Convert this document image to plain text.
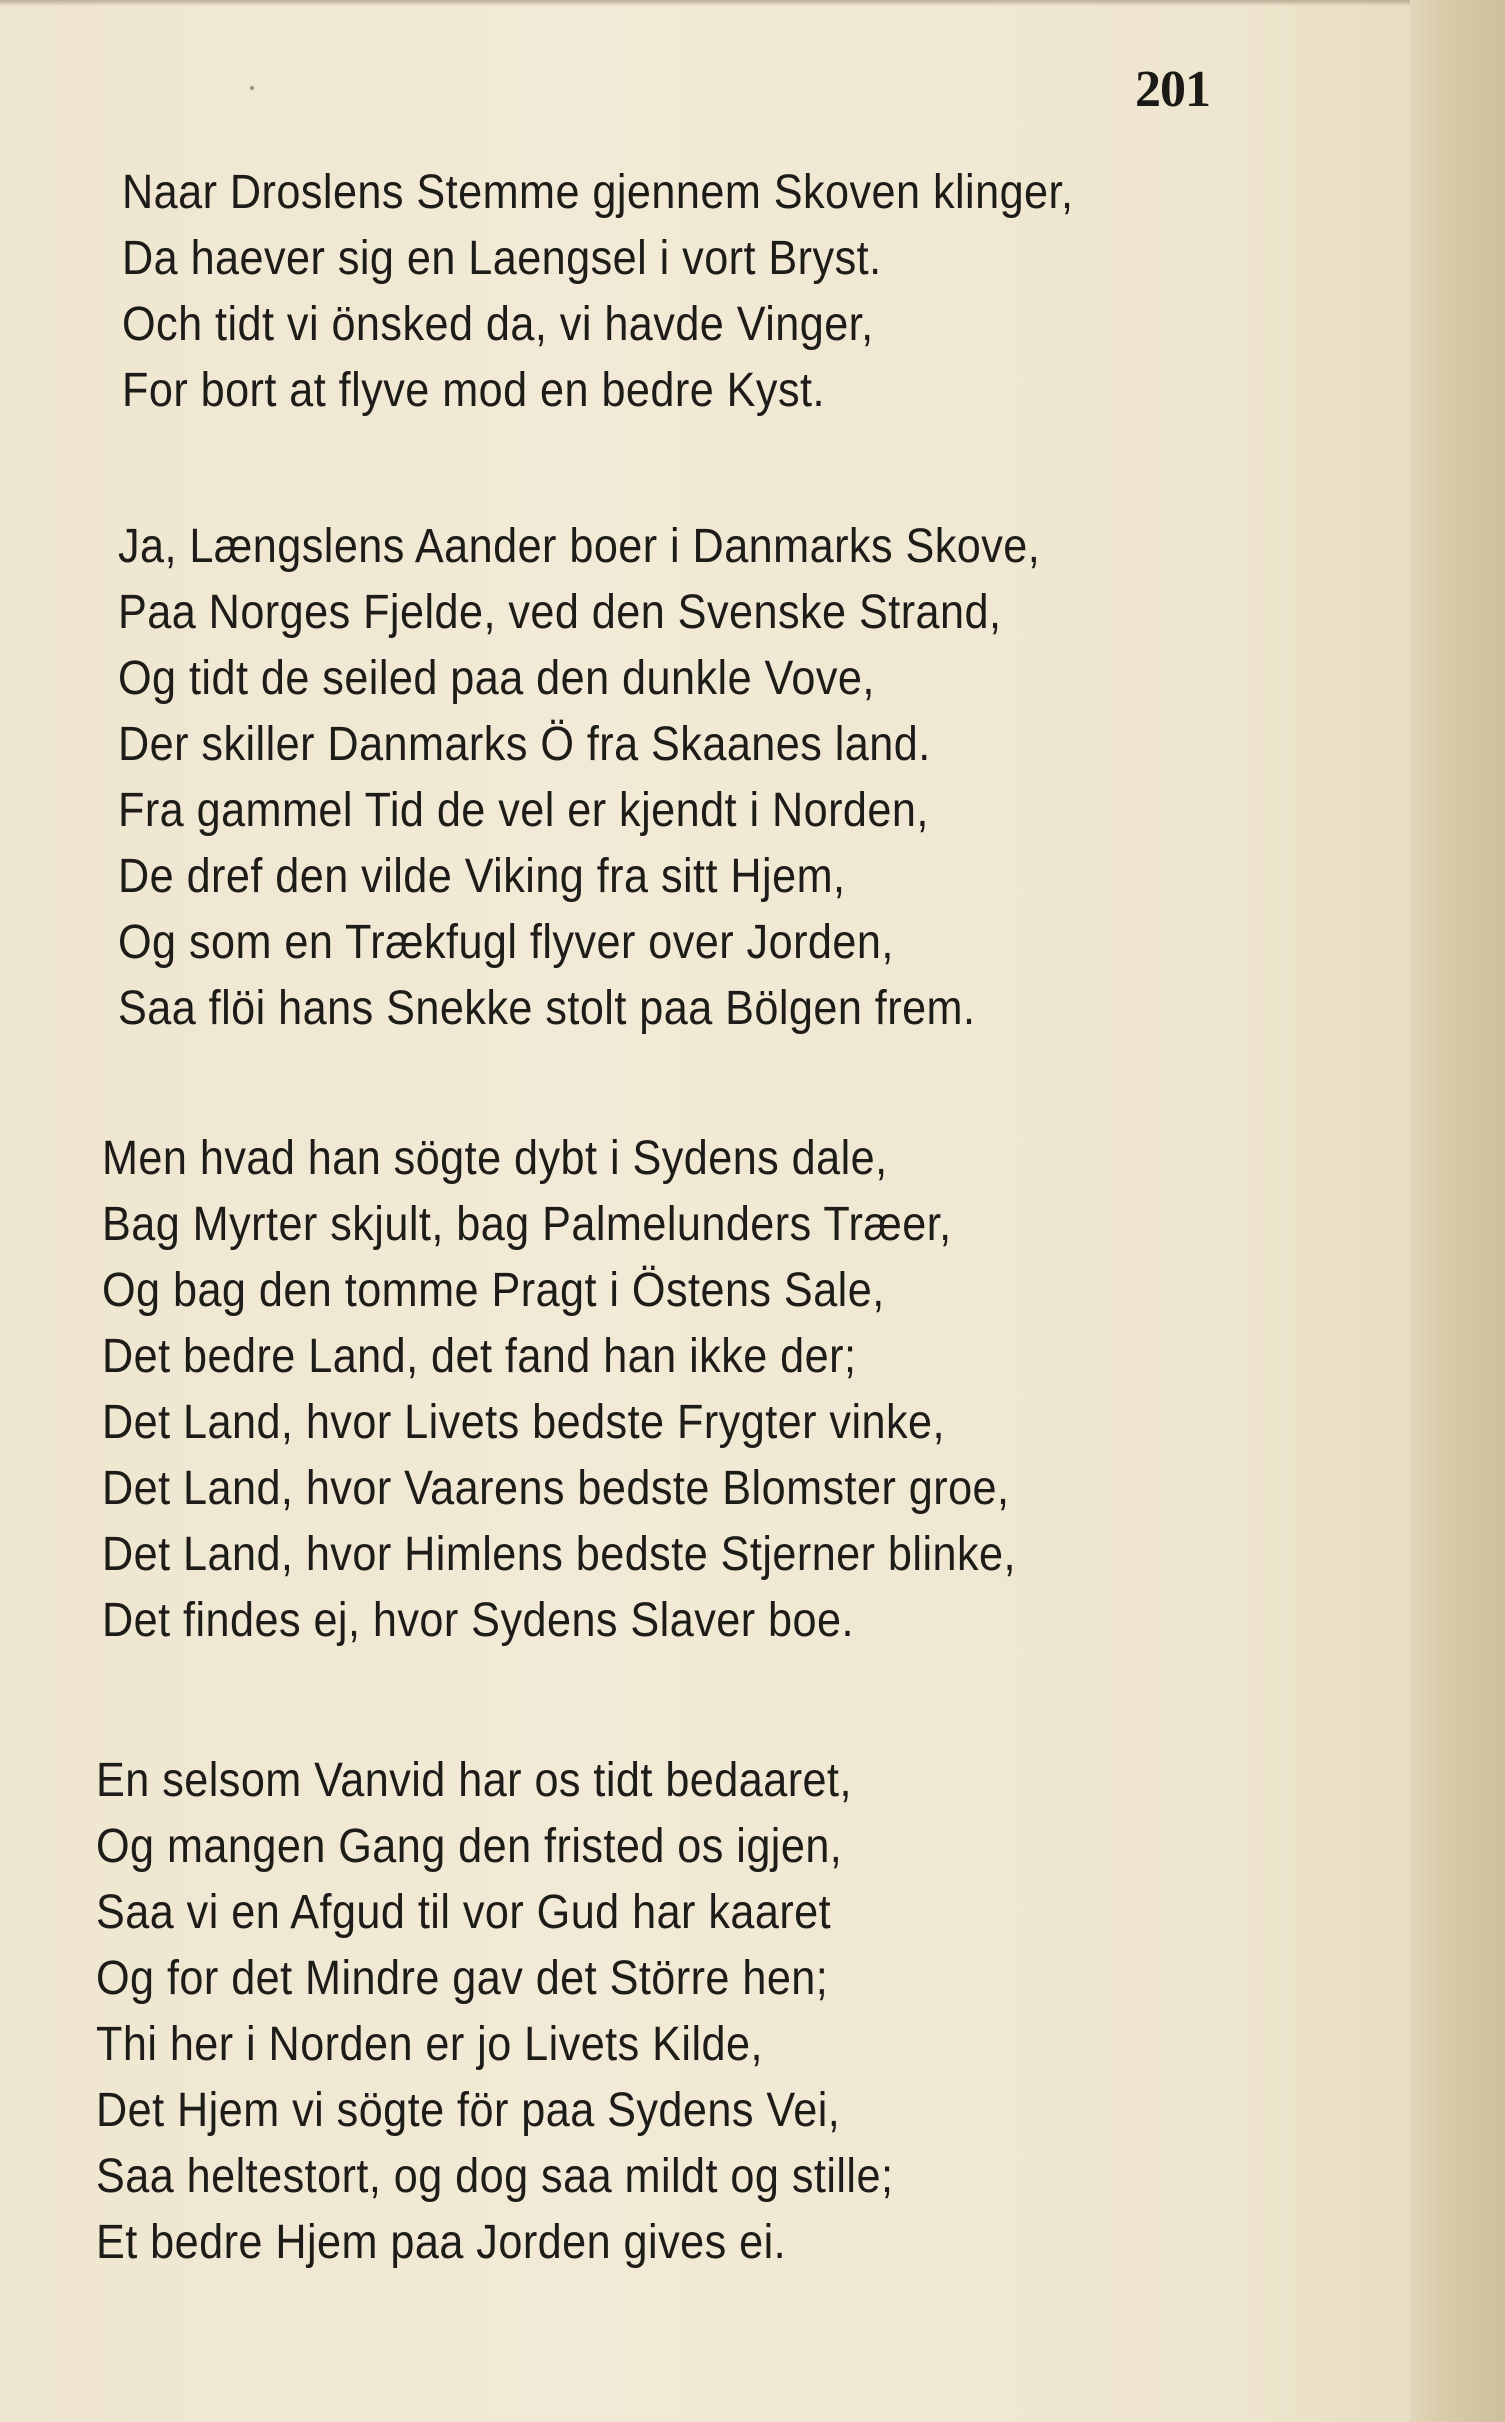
201
Naar Droslens Stemme gjennem Skoven klinger,
Da haever sig en Laengsel i vort Bryst.
Och tidt vi önsked da, vi havde Vinger,
For bort at flyve mod en bedre Kyst.
Ja, Længslens Aander boer i Danmarks Skove,
Paa Norges Fjelde, ved den Svenske Strand,
Og tidt de seiled paa den dunkle Vove,
Der skiller Danmarks Ö fra Skaanes land.
Fra gammel Tid de vel er kjendt i Norden,
De dref den vilde Viking fra sitt Hjem,
Og som en Trækfugl flyver over Jorden,
Saa flöi hans Snekke stolt paa Bölgen frem.
Men hvad han sögte dybt i Sydens dale,
Bag Myrter skjult, bag Palmelunders Træer,
Og bag den tomme Pragt i Östens Sale,
Det bedre Land, det fand han ikke der;
Det Land, hvor Livets bedste Frygter vinke,
Det Land, hvor Vaarens bedste Blomster groe,
Det Land, hvor Himlens bedste Stjerner blinke,
Det findes ej, hvor Sydens Slaver boe.
En selsom Vanvid har os tidt bedaaret,
Og mangen Gang den fristed os igjen,
Saa vi en Afgud til vor Gud har kaaret
Og for det Mindre gav det Större hen;
Thi her i Norden er jo Livets Kilde,
Det Hjem vi sögte för paa Sydens Vei,
Saa heltestort, og dog saa mildt og stille;
Et bedre Hjem paa Jorden gives ei.
